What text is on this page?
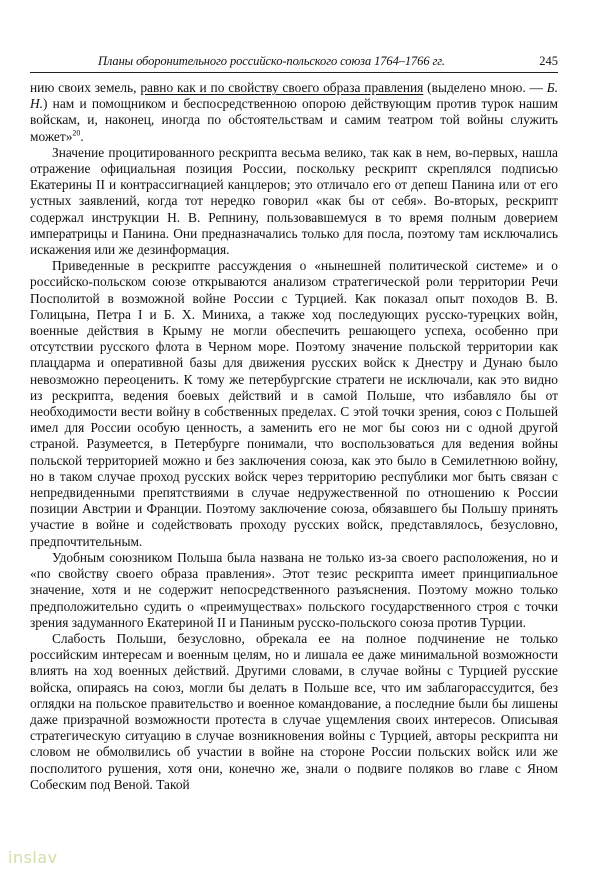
Планы оборонительного российско-польского союза 1764–1766 гг.	245

нию своих земель, равно как и по свойству своего образа правления (выделено мною. — Б. Н.) нам и помощником и беспосредственною опорою действующим против турок нашим войскам, и, наконец, иногда по обстоятельствам и самим театром той войны служить может»$^{20}$.

Значение процитированного рескрипта весьма велико, так как в нем, во-первых, нашла отражение официальная позиция России, поскольку рескрипт скреплялся подписью Екатерины II и контрассигнацией канцлеров; это отличало его от депеш Панина или от его устных заявлений, когда тот нередко говорил «как бы от себя». Во-вторых, рескрипт содержал инструкции Н. В. Репнину, пользовавшемуся в то время полным доверием императрицы и Панина. Они предназначались только для посла, поэтому там исключались искажения или же дезинформация.

Приведенные в рескрипте рассуждения о «нынешней политической системе» и о российско-польском союзе открываются анализом стратегической роли территории Речи Посполитой в возможной войне России с Турцией. Как показал опыт походов В. В. Голицына, Петра I и Б. Х. Миниха, а также ход последующих русско-турецких войн, военные действия в Крыму не могли обеспечить решающего успеха, особенно при отсутствии русского флота в Черном море. Поэтому значение польской территории как плацдарма и оперативной базы для движения русских войск к Днестру и Дунаю было невозможно переоценить. К тому же петербургские стратеги не исключали, как это видно из рескрипта, ведения боевых действий и в самой Польше, что избавляло бы от необходимости вести войну в собственных пределах. С этой точки зрения, союз с Польшей имел для России особую ценность, а заменить его не мог бы союз ни с одной другой страной. Разумеется, в Петербурге понимали, что воспользоваться для ведения войны польской территорией можно и без заключения союза, как это было в Семилетнюю войну, но в таком случае проход русских войск через территорию республики мог быть связан с непредвиденными препятствиями в случае недружественной по отношению к России позиции Австрии и Франции. Поэтому заключение союза, обязавшего бы Польшу принять участие в войне и содействовать проходу русских войск, представлялось, безусловно, предпочтительным.

Удобным союзником Польша была названа не только из-за своего расположения, но и «по свойству своего образа правления». Этот тезис рескрипта имеет принципиальное значение, хотя и не содержит непосредственного разъяснения. Поэтому можно только предположительно судить о «преимуществах» польского государственного строя с точки зрения задуманного Екатериной II и Паниным русско-польского союза против Турции.

Слабость Польши, безусловно, обрекала ее на полное подчинение не только российским интересам и военным целям, но и лишала ее даже минимальной возможности влиять на ход военных действий. Другими словами, в случае войны с Турцией русские войска, опираясь на союз, могли бы делать в Польше все, что им заблагорассудится, без оглядки на польское правительство и военное командование, а последние были бы лишены даже призрачной возможности протеста в случае ущемления своих интересов. Описывая стратегическую ситуацию в случае возникновения войны с Турцией, авторы рескрипта ни словом не обмолвились об участии в войне на стороне России польских войск или же посполитого рушения, хотя они, конечно же, знали о подвиге поляков во главе с Яном Собеским под Веной. Такой

inslav
